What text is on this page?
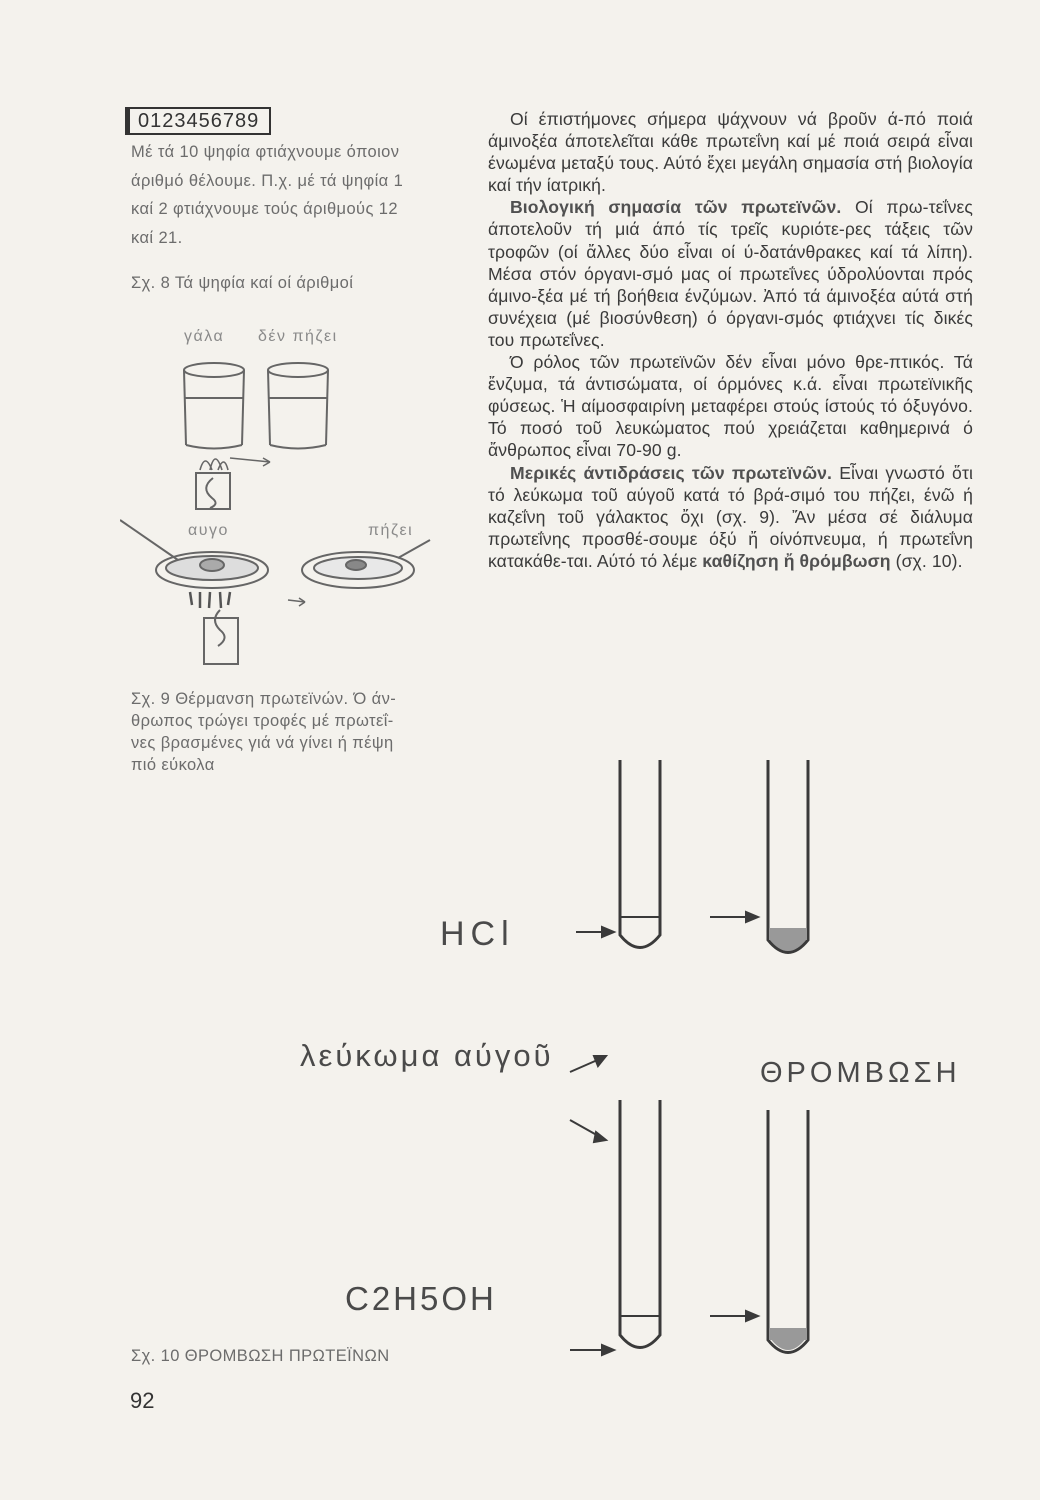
0123456789

Μέ τά 10 ψηφία φτιάχνουμε όποιον

άριθμό θέλουμε. Π.χ. μέ τά ψηφία 1

καί 2 φτιάχνουμε τούς άριθμούς 12

καί 21.

Σχ. 8 Τά ψηφία καί οί άριθμοί
γάλα δέν πήζει
αυγο	πήζει

Σχ. 9 Θέρμανση πρωτεϊνών. Ό άν-

θρωπος τρώγει τροφές μέ πρωτεΐ-

νες βρασμένες γιά νά γίνει ή πέψη

πιό εύκολα

Οί έπιστήμονες σήμερα ψάχνουν νά βροῦν ά-πό ποιά άμινοξέα άποτελεῖται κάθε πρωτεΐνη καί μέ ποιά σειρά εἶναι ένωμένα μεταξύ τους. Αύτό ἔχει μεγάλη σημασία στή βιολογία καί τήν ίατρική.

Βιολογική σημασία τῶν πρωτεϊνῶν. Οί πρω-τεΐνες άποτελοῦν τή μιά άπό τίς τρεῖς κυριότε-ρες τάξεις τῶν τροφῶν (οί ἄλλες δύο εἶναι οί ύ-δατάνθρακες καί τά λίπη). Μέσα στόν όργανι-σμό μας οί πρωτεΐνες ύδρολύονται πρός άμινο-ξέα μέ τή βοήθεια ένζύμων. Ἀπό τά άμινοξέα αύτά στή συνέχεια (μέ βιοσύνθεση) ό όργανι-σμός φτιάχνει τίς δικές του πρωτεΐνες.

Ό ρόλος τῶν πρωτεϊνῶν δέν εἶναι μόνο θρε-πτικός. Τά ἔνζυμα, τά άντισώματα, οί όρμόνες κ.ά. εἶναι πρωτεϊνικῆς φύσεως. Ἡ αίμοσφαιρίνη μεταφέρει στούς ίστούς τό όξυγόνο. Τό ποσό τοῦ λευκώματος πού χρειάζεται καθημερινά ό ἄνθρωπος εἶναι 70-90 g.

Μερικές άντιδράσεις τῶν πρωτεϊνῶν. Εἶναι γνωστό ὅτι τό λεύκωμα τοῦ αύγοῦ κατά τό βρά-σιμό του πήζει, ένῶ ή καζεΐνη τοῦ γάλακτος ὄχι (σχ. 9). Ἄν μέσα σέ διάλυμα πρωτεΐνης προσθέ-σουμε όξύ ἤ οίνόπνευμα, ή πρωτεΐνη κατακάθε-ται. Αύτό τό λέμε καθίζηση ἤ θρόμβωση (σχ. 10).

HCl
λεύκωμα αύγοῦ	ΘΡΟΜΒΩΣΗ
C2H5OH
Σχ. 10 ΘΡΟΜΒΩΣΗ ΠΡΩΤΕΪΝΩΝ
92
